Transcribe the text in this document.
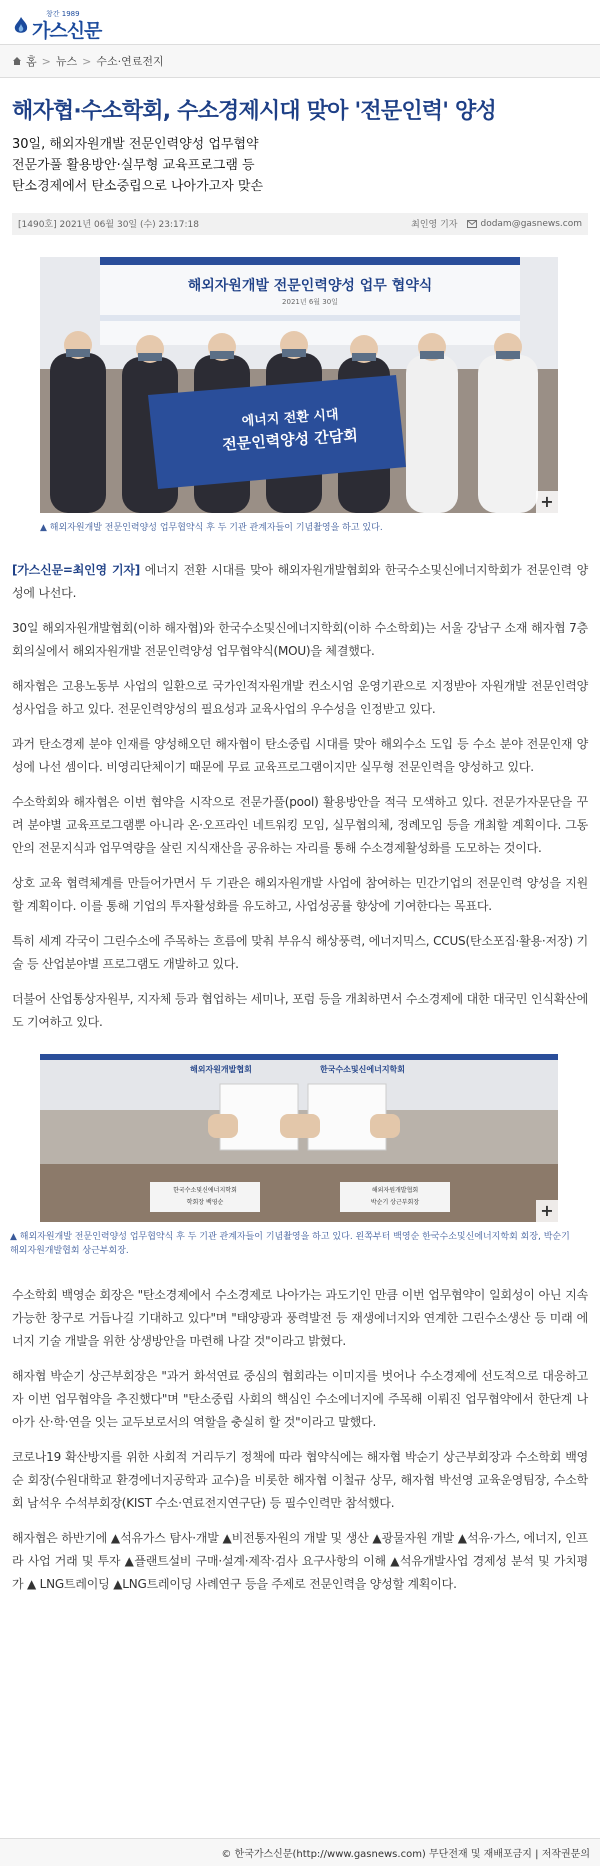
창간 1989
가스신문
홈 > 뉴스 > 수소·연료전지
해자협·수소학회, 수소경제시대 맞아 '전문인력' 양성
30일, 해외자원개발 전문인력양성 업무협약
전문가풀 활용방안·실무형 교육프로그램 등
탄소경제에서 탄소중립으로 나아가고자 맞손
[1490호]
2021년 06월 30일 (수) 23:17:18	최인영 기자	dodam@gasnews.com
해외자원개발 전문인력양성 업무 협약식
2021년 6월 30일
에너지 전환 시대
전문인력양성 간담회
+
▲ 해외자원개발 전문인력양성 업무협약식 후 두 기관 관계자들이 기념촬영을 하고 있다.

[가스신문=최인영 기자] 에너지 전환 시대를 맞아 해외자원개발협회와 한국수소및신에너지학회가 전문인력 양성에 나선다.

30일 해외자원개발협회(이하 해자협)와 한국수소및신에너지학회(이하 수소학회)는 서울 강남구 소재 해자협 7층 회의실에서 해외자원개발 전문인력양성 업무협약식(MOU)을 체결했다.

해자협은 고용노동부 사업의 일환으로 국가인적자원개발 컨소시엄 운영기관으로 지정받아 자원개발 전문인력양성사업을 하고 있다. 전문인력양성의 필요성과 교육사업의 우수성을 인정받고 있다.

과거 탄소경제 분야 인재를 양성해오던 해자협이 탄소중립 시대를 맞아 해외수소 도입 등 수소 분야 전문인재 양성에 나선 셈이다. 비영리단체이기 때문에 무료 교육프로그램이지만 실무형 전문인력을 양성하고 있다.

수소학회와 해자협은 이번 협약을 시작으로 전문가풀(pool) 활용방안을 적극 모색하고 있다. 전문가자문단을 꾸려 분야별 교육프로그램뿐 아니라 온·오프라인 네트워킹 모임, 실무협의체, 정례모임 등을 개최할 계획이다. 그동안의 전문지식과 업무역량을 살린 지식재산을 공유하는 자리를 통해 수소경제활성화를 도모하는 것이다.

상호 교육 협력체계를 만들어가면서 두 기관은 해외자원개발 사업에 참여하는 민간기업의 전문인력 양성을 지원할 계획이다. 이를 통해 기업의 투자활성화를 유도하고, 사업성공률 향상에 기여한다는 목표다.

특히 세계 각국이 그린수소에 주목하는 흐름에 맞춰 부유식 해상풍력, 에너지믹스, CCUS(탄소포집·활용·저장) 기술 등 산업분야별 프로그램도 개발하고 있다.

더불어 산업통상자원부, 지자체 등과 협업하는 세미나, 포럼 등을 개최하면서 수소경제에 대한 대국민 인식확산에도 기여하고 있다.

해외자원개발협회	한국수소및신에너지학회
한국수소및신에너지학회
학회장 백영순
해외자원개발협회
박순기 상근부회장	+
▲ 해외자원개발 전문인력양성 업무협약식 후 두 기관 관계자들이 기념촬영을 하고 있다. 왼쪽부터 백영순 한국수소및신에너지학회 회장, 박순기 해외자원개발협회 상근부회장.

수소학회 백영순 회장은 "탄소경제에서 수소경제로 나아가는 과도기인 만큼 이번 업무협약이 일회성이 아닌 지속가능한 창구로 거듭나길 기대하고 있다"며 "태양광과 풍력발전 등 재생에너지와 연계한 그린수소생산 등 미래 에너지 기술 개발을 위한 상생방안을 마련해 나갈 것"이라고 밝혔다.

해자협 박순기 상근부회장은 "과거 화석연료 중심의 협회라는 이미지를 벗어나 수소경제에 선도적으로 대응하고자 이번 업무협약을 추진했다"며 "탄소중립 사회의 핵심인 수소에너지에 주목해 이뤄진 업무협약에서 한단계 나아가 산·학·연을 잇는 교두보로서의 역할을 충실히 할 것"이라고 말했다.

코로나19 확산방지를 위한 사회적 거리두기 정책에 따라 협약식에는 해자협 박순기 상근부회장과 수소학회 백영순 회장(수원대학교 환경에너지공학과 교수)을 비롯한 해자협 이철규 상무, 해자협 박선영 교육운영팀장, 수소학회 남석우 수석부회장(KIST 수소·연료전지연구단) 등 필수인력만 참석했다.

해자협은 하반기에 ▲석유가스 탐사·개발 ▲비전통자원의 개발 및 생산 ▲광물자원 개발 ▲석유·가스, 에너지, 인프라 사업 거래 및 투자 ▲플랜트설비 구매·설계·제작·검사 요구사항의 이해 ▲석유개발사업 경제성 분석 및 가치평가 ▲ LNG트레이딩 ▲LNG트레이딩 사례연구 등을 주제로 전문인력을 양성할 계획이다.

© 한국가스신문(http://www.gasnews.com) 무단전재 및 재배포금지 | 저작권문의
